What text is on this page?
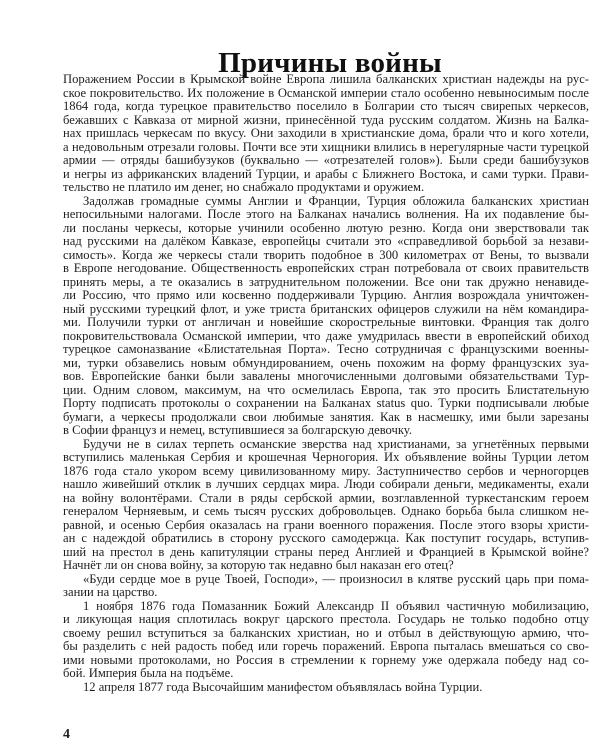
Причины войны
Поражением России в Крымской войне Европа лишила балканских христиан надежды на рус-
ское покровительство. Их положение в Османской империи стало особенно невыносимым после
1864 года, когда турецкое правительство поселило в Болгарии сто тысяч свирепых черкесов,
бежавших с Кавказа от мирной жизни, принесённой туда русским солдатом. Жизнь на Балка-
нах пришлась черкесам по вкусу. Они заходили в христианские дома, брали что и кого хотели,
а недовольным отрезали головы. Почти все эти хищники влились в нерегулярные части турецкой
армии — отряды башибузуков (буквально — «отрезателей голов»). Были среди башибузуков
и негры из африканских владений Турции, и арабы с Ближнего Востока, и сами турки. Прави-
тельство не платило им денег, но снабжало продуктами и оружием.
Задолжав громадные суммы Англии и Франции, Турция обложила балканских христиан
непосильными налогами. После этого на Балканах начались волнения. На их подавление бы-
ли посланы черкесы, которые учинили особенно лютую резню. Когда они зверствовали так
над русскими на далёком Кавказе, европейцы считали это «справедливой борьбой за незави-
симость». Когда же черкесы стали творить подобное в 300 километрах от Вены, то вызвали
в Европе негодование. Общественность европейских стран потребовала от своих правительств
принять меры, а те оказались в затруднительном положении. Все они так дружно ненавиде-
ли Россию, что прямо или косвенно поддерживали Турцию. Англия возрождала уничтожен-
ный русскими турецкий флот, и уже триста британских офицеров служили на нём командира-
ми. Получили турки от англичан и новейшие скорострельные винтовки. Франция так долго
покровительствовала Османской империи, что даже умудрилась ввести в европейский обиход
турецкое самоназвание «Блистательная Порта». Тесно сотрудничая с французскими военны-
ми, турки обзавелись новым обмундированием, очень похожим на форму французских зуа-
вов. Европейские банки были завалены многочисленными долговыми обязательствами Тур-
ции. Одним словом, максимум, на что осмелилась Европа, так это просить Блистательную
Порту подписать протоколы о сохранении на Балканах status quo. Турки подписывали любые
бумаги, а черкесы продолжали свои любимые занятия. Как в насмешку, ими были зарезаны
в Софии француз и немец, вступившиеся за болгарскую девочку.
Будучи не в силах терпеть османские зверства над христианами, за угнетённых первыми
вступились маленькая Сербия и крошечная Черногория. Их объявление войны Турции летом
1876 года стало укором всему цивилизованному миру. Заступничество сербов и черногорцев
нашло живейший отклик в лучших сердцах мира. Люди собирали деньги, медикаменты, ехали
на войну волонтёрами. Стали в ряды сербской армии, возглавленной туркестанским героем
генералом Черняевым, и семь тысяч русских добровольцев. Однако борьба была слишком не-
равной, и осенью Сербия оказалась на грани военного поражения. После этого взоры христи-
ан с надеждой обратились в сторону русского самодержца. Как поступит государь, вступив-
ший на престол в день капитуляции страны перед Англией и Францией в Крымской войне?
Начнёт ли он снова войну, за которую так недавно был наказан его отец?
«Буди сердце мое в руце Твоей, Господи», — произносил в клятве русский царь при пома-
зании на царство.
1 ноября 1876 года Помазанник Божий Александр II объявил частичную мобилизацию,
и ликующая нация сплотилась вокруг царского престола. Государь не только подобно отцу
своему решил вступиться за балканских христиан, но и отбыл в действующую армию, что-
бы разделить с ней радость побед или горечь поражений. Европа пыталась вмешаться со сво-
ими новыми протоколами, но Россия в стремлении к горнему уже одержала победу над со-
бой. Империя была на подъёме.
12 апреля 1877 года Высочайшим манифестом объявлялась война Турции.
4
